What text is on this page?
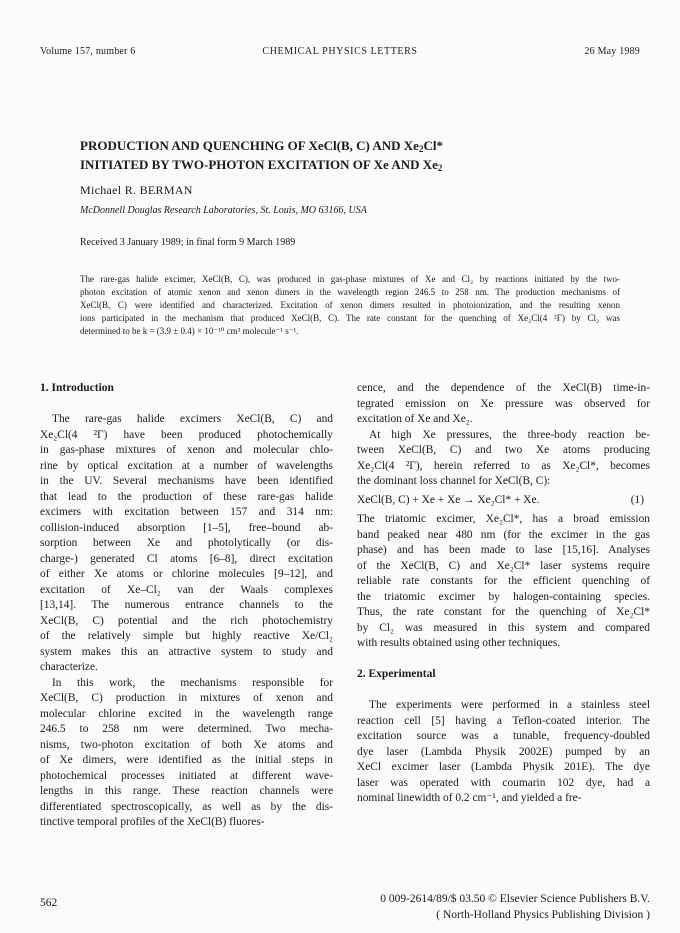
Volume 157, number 6	CHEMICAL PHYSICS LETTERS	26 May 1989
PRODUCTION AND QUENCHING OF XeCl(B, C) AND Xe2Cl*
INITIATED BY TWO-PHOTON EXCITATION OF Xe AND Xe2
Michael R. BERMAN
McDonnell Douglas Research Laboratories, St. Louis, MO 63166, USA
Received 3 January 1989; in final form 9 March 1989
The rare-gas halide excimer, XeCl(B, C), was produced in gas-phase mixtures of Xe and Cl₂ by reactions initiated by the two-
photon excitation of atomic xenon and xenon dimers in the wavelength region 246.5 to 258 nm. The production mechanisms of
XeCl(B, C) were identified and characterized. Excitation of xenon dimers resulted in photoionization, and the resulting xenon
ions participated in the mechanism that produced XeCl(B, C). The rate constant for the quenching of Xe₂Cl(4 ²Γ) by Cl₂ was
determined to be k = (3.9 ± 0.4) × 10⁻¹⁰ cm³ molecule⁻¹ s⁻¹.
1. Introduction
The rare-gas halide excimers XeCl(B, C) and
Xe₂Cl(4 ²Γ) have been produced photochemically
in gas-phase mixtures of xenon and molecular chlo-
rine by optical excitation at a number of wavelengths
in the UV. Several mechanisms have been identified
that lead to the production of these rare-gas halide
excimers with excitation between 157 and 314 nm:
collision-induced absorption [1–5], free–bound ab-
sorption between Xe and photolytically (or dis-
charge-) generated Cl atoms [6–8], direct excitation
of either Xe atoms or chlorine molecules [9–12], and
excitation of Xe–Cl₂ van der Waals complexes
[13,14]. The numerous entrance channels to the
XeCl(B, C) potential and the rich photochemistry
of the relatively simple but highly reactive Xe/Cl₂
system makes this an attractive system to study and
characterize.
In this work, the mechanisms responsible for
XeCl(B, C) production in mixtures of xenon and
molecular chlorine excited in the wavelength range
246.5 to 258 nm were determined. Two mecha-
nisms, two-photon excitation of both Xe atoms and
of Xe dimers, were identified as the initial steps in
photochemical processes initiated at different wave-
lengths in this range. These reaction channels were
differentiated spectroscopically, as well as by the dis-
tinctive temporal profiles of the XeCl(B) fluores-
cence, and the dependence of the XeCl(B) time-in-
tegrated emission on Xe pressure was observed for
excitation of Xe and Xe₂.
At high Xe pressures, the three-body reaction be-
tween XeCl(B, C) and two Xe atoms producing
Xe₂Cl(4 ²Γ), herein referred to as Xe₂Cl*, becomes
the dominant loss channel for XeCl(B, C):
XeCl(B, C) + Xe + Xe → Xe₂Cl* + Xe.	(1)
The triatomic excimer, Xe₂Cl*, has a broad emission
band peaked near 480 nm (for the excimer in the gas
phase) and has been made to lase [15,16]. Analyses
of the XeCl(B, C) and Xe₂Cl* laser systems require
reliable rate constants for the efficient quenching of
the triatomic excimer by halogen-containing species.
Thus, the rate constant for the quenching of Xe₂Cl*
by Cl₂ was measured in this system and compared
with results obtained using other techniques.
2. Experimental
The experiments were performed in a stainless steel
reaction cell [5] having a Teflon-coated interior. The
excitation source was a tunable, frequency-doubled
dye laser (Lambda Physik 2002E) pumped by an
XeCl excimer laser (Lambda Physik 201E). The dye
laser was operated with coumarin 102 dye, had a
nominal linewidth of 0.2 cm⁻¹, and yielded a fre-
562	0 009-2614/89/$ 03.50 © Elsevier Science Publishers B.V.
( North-Holland Physics Publishing Division )
